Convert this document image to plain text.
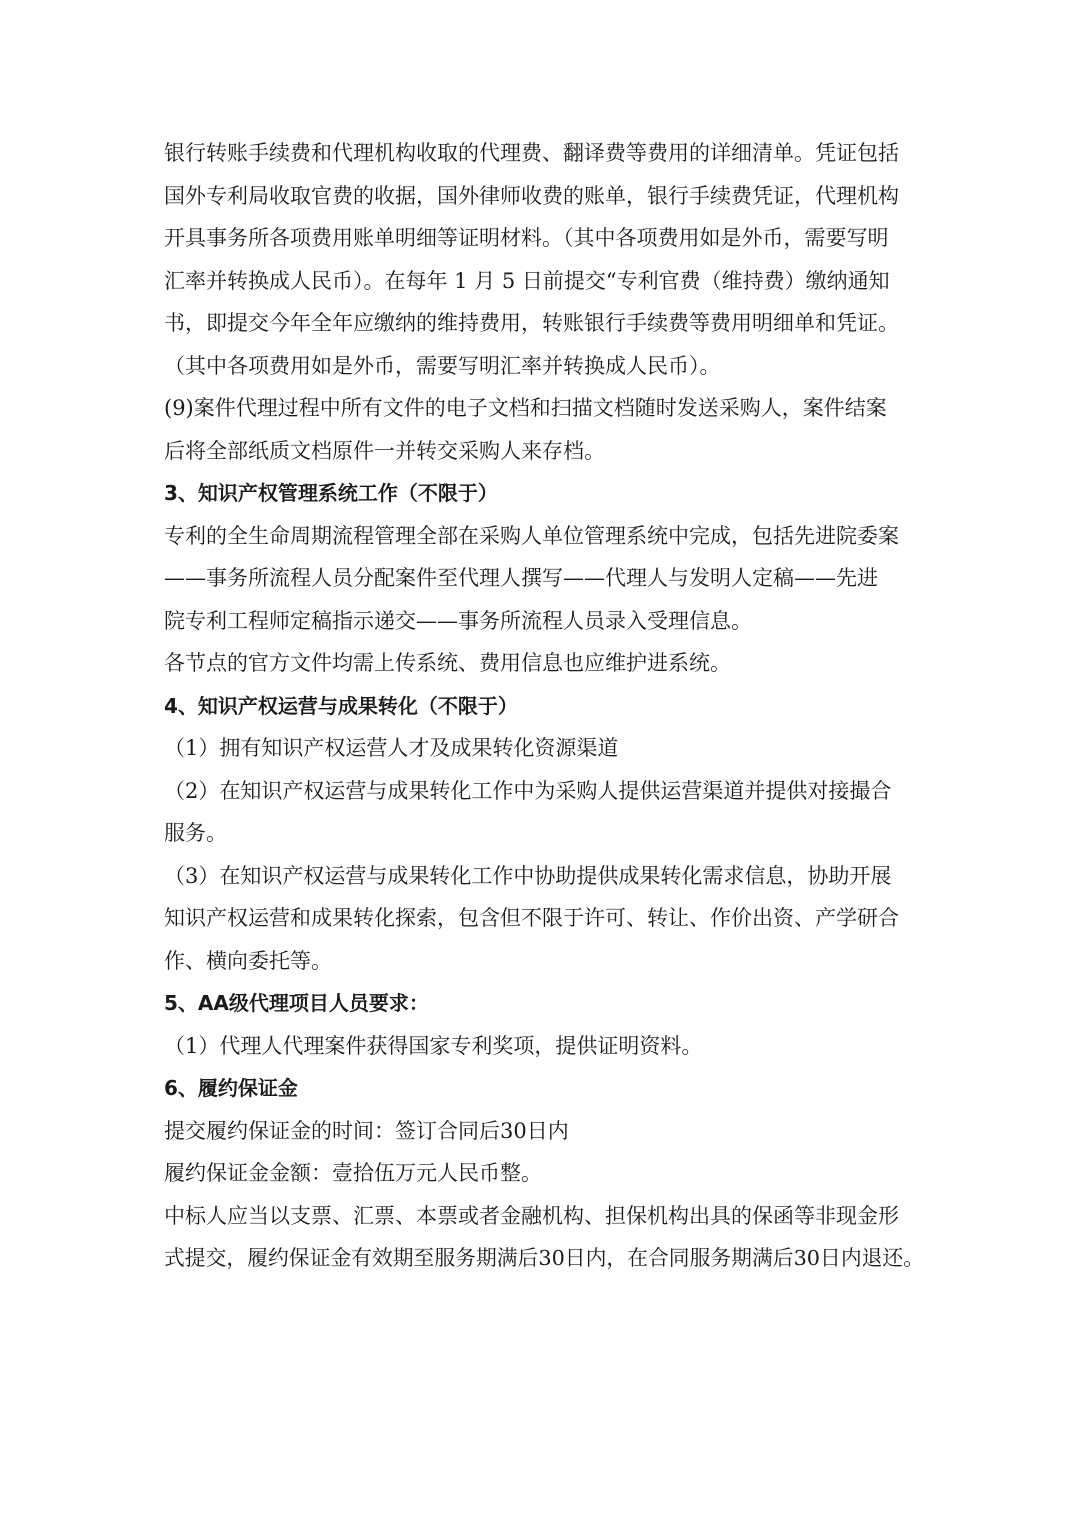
银行转账手续费和代理机构收取的代理费、翻译费等费用的详细清单。凭证包括
国外专利局收取官费的收据，国外律师收费的账单，银行手续费凭证，代理机构
开具事务所各项费用账单明细等证明材料。（其中各项费用如是外币，需要写明
汇率并转换成人民币）。在每年 1 月 5 日前提交“专利官费（维持费）缴纳通知
书，即提交今年全年应缴纳的维持费用，转账银行手续费等费用明细单和凭证。
（其中各项费用如是外币，需要写明汇率并转换成人民币）。
(9)案件代理过程中所有文件的电子文档和扫描文档随时发送采购人，案件结案
后将全部纸质文档原件一并转交采购人来存档。
3、知识产权管理系统工作（不限于）
专利的全生命周期流程管理全部在采购人单位管理系统中完成，包括先进院委案
——事务所流程人员分配案件至代理人撰写——代理人与发明人定稿——先进
院专利工程师定稿指示递交——事务所流程人员录入受理信息。
各节点的官方文件均需上传系统、费用信息也应维护进系统。
4、知识产权运营与成果转化（不限于）
（1）拥有知识产权运营人才及成果转化资源渠道
（2）在知识产权运营与成果转化工作中为采购人提供运营渠道并提供对接撮合
服务。
（3）在知识产权运营与成果转化工作中协助提供成果转化需求信息，协助开展
知识产权运营和成果转化探索，包含但不限于许可、转让、作价出资、产学研合
作、横向委托等。
5、AA级代理项目人员要求：
（1）代理人代理案件获得国家专利奖项，提供证明资料。
6、履约保证金
提交履约保证金的时间：签订合同后30日内
履约保证金金额：壹拾伍万元人民币整。
中标人应当以支票、汇票、本票或者金融机构、担保机构出具的保函等非现金形
式提交，履约保证金有效期至服务期满后30日内，在合同服务期满后30日内退还。
